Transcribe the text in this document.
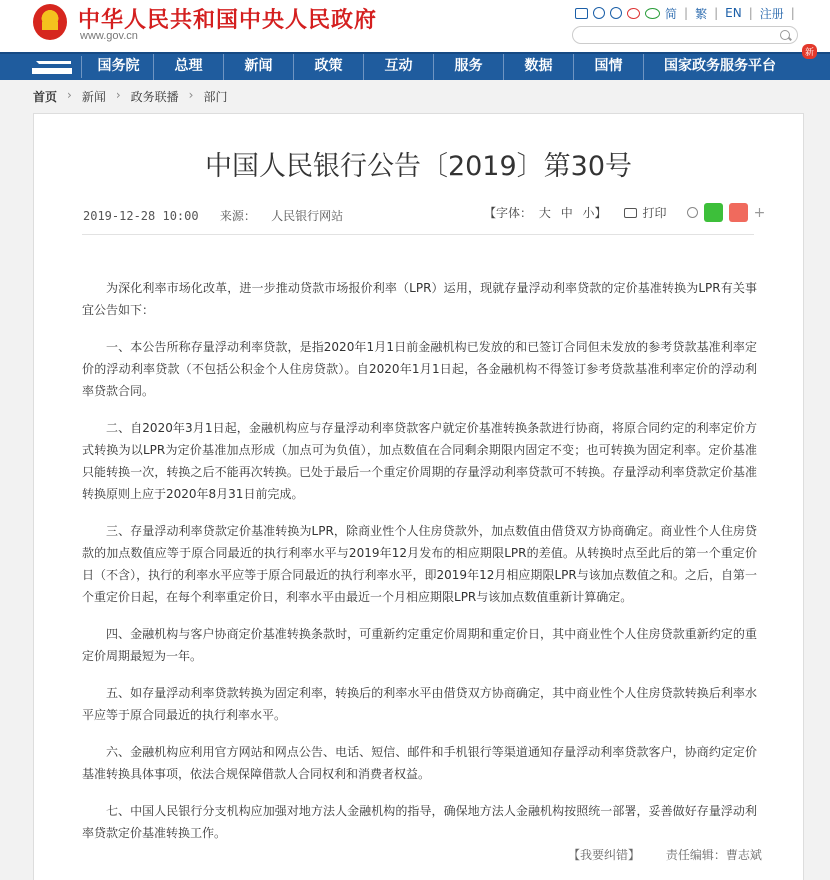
中华人民共和国中央人民政府
www.gov.cn
简 | 繁 | EN | 注册 |
国务院	总理	新闻	政策	互动	服务	数据	国情	国家政务服务平台
新
首页 › 新闻 › 政务联播 › 部门
中国人民银行公告〔2019〕第30号
2019-12-28 10:00 来源： 人民银行网站	【字体： 大 中 小】	打印	+

为深化利率市场化改革，进一步推动贷款市场报价利率（LPR）运用，现就存量浮动利率贷款的定价基准转换为LPR有关事宜公告如下：

一、本公告所称存量浮动利率贷款，是指2020年1月1日前金融机构已发放的和已签订合同但未发放的参考贷款基准利率定价的浮动利率贷款（不包括公积金个人住房贷款）。自2020年1月1日起，各金融机构不得签订参考贷款基准利率定价的浮动利率贷款合同。

二、自2020年3月1日起，金融机构应与存量浮动利率贷款客户就定价基准转换条款进行协商，将原合同约定的利率定价方式转换为以LPR为定价基准加点形成（加点可为负值），加点数值在合同剩余期限内固定不变；也可转换为固定利率。定价基准只能转换一次，转换之后不能再次转换。已处于最后一个重定价周期的存量浮动利率贷款可不转换。存量浮动利率贷款定价基准转换原则上应于2020年8月31日前完成。

三、存量浮动利率贷款定价基准转换为LPR，除商业性个人住房贷款外，加点数值由借贷双方协商确定。商业性个人住房贷款的加点数值应等于原合同最近的执行利率水平与2019年12月发布的相应期限LPR的差值。从转换时点至此后的第一个重定价日（不含），执行的利率水平应等于原合同最近的执行利率水平，即2019年12月相应期限LPR与该加点数值之和。之后，自第一个重定价日起，在每个利率重定价日，利率水平由最近一个月相应期限LPR与该加点数值重新计算确定。

四、金融机构与客户协商定价基准转换条款时，可重新约定重定价周期和重定价日，其中商业性个人住房贷款重新约定的重定价周期最短为一年。

五、如存量浮动利率贷款转换为固定利率，转换后的利率水平由借贷双方协商确定，其中商业性个人住房贷款转换后利率水平应等于原合同最近的执行利率水平。

六、金融机构应利用官方网站和网点公告、电话、短信、邮件和手机银行等渠道通知存量浮动利率贷款客户，协商约定定价基准转换具体事项，依法合规保障借款人合同权利和消费者权益。

七、中国人民银行分支机构应加强对地方法人金融机构的指导，确保地方法人金融机构按照统一部署，妥善做好存量浮动利率贷款定价基准转换工作。

【我要纠错】 责任编辑：曹志斌
